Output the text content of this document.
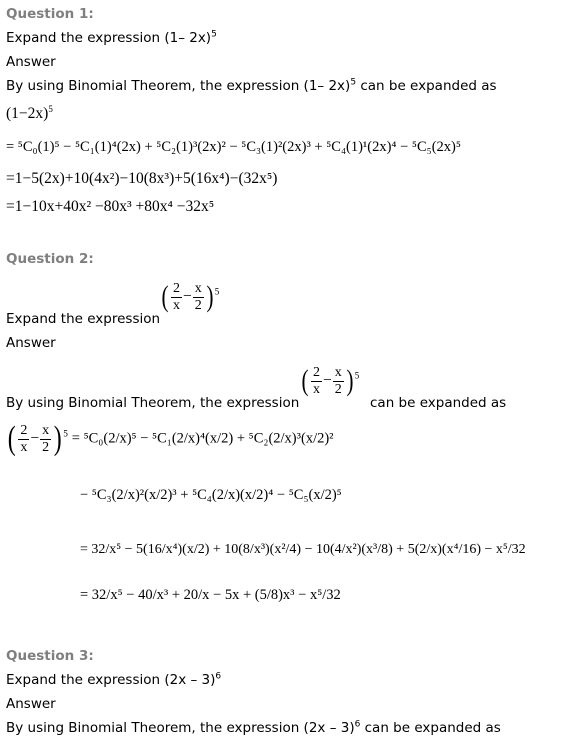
Question 1:
Expand the expression (1– 2x)$^5$
Answer
By using Binomial Theorem, the expression (1– 2x)$^5$ can be expanded as
$(1-2x)^5$
= ⁵C₀(1)⁵ − ⁵C₁(1)⁴(2x) + ⁵C₂(1)³(2x)² − ⁵C₃(1)²(2x)³ + ⁵C₄(1)¹(2x)⁴ − ⁵C₅(2x)⁵
=1−5(2x)+10(4x²)−10(8x³)+5(16x⁴)−(32x⁵)
=1−10x+40x² −80x³ +80x⁴ −32x⁵
Question 2:
Expand the expression
( $\frac{2}{x} - \frac{x}{2}$ ) $^5$
Answer
By using Binomial Theorem, the expression
( $\frac{2}{x} - \frac{x}{2}$ ) $^5$
can be expanded as
( $\frac{2}{x} - \frac{x}{2}$ ) $^5$ = ⁵C₀(2/x)⁵ − ⁵C₁(2/x)⁴(x/2) + ⁵C₂(2/x)³(x/2)²
− ⁵C₃(2/x)²(x/2)³ + ⁵C₄(2/x)(x/2)⁴ − ⁵C₅(x/2)⁵
= 32/x⁵ − 5(16/x⁴)(x/2) + 10(8/x³)(x²/4) − 10(4/x²)(x³/8) + 5(2/x)(x⁴/16) − x⁵/32
= 32/x⁵ − 40/x³ + 20/x − 5x + (5/8)x³ − x⁵/32
Question 3:
Expand the expression (2x – 3)$^6$
Answer
By using Binomial Theorem, the expression (2x – 3)$^6$ can be expanded as
